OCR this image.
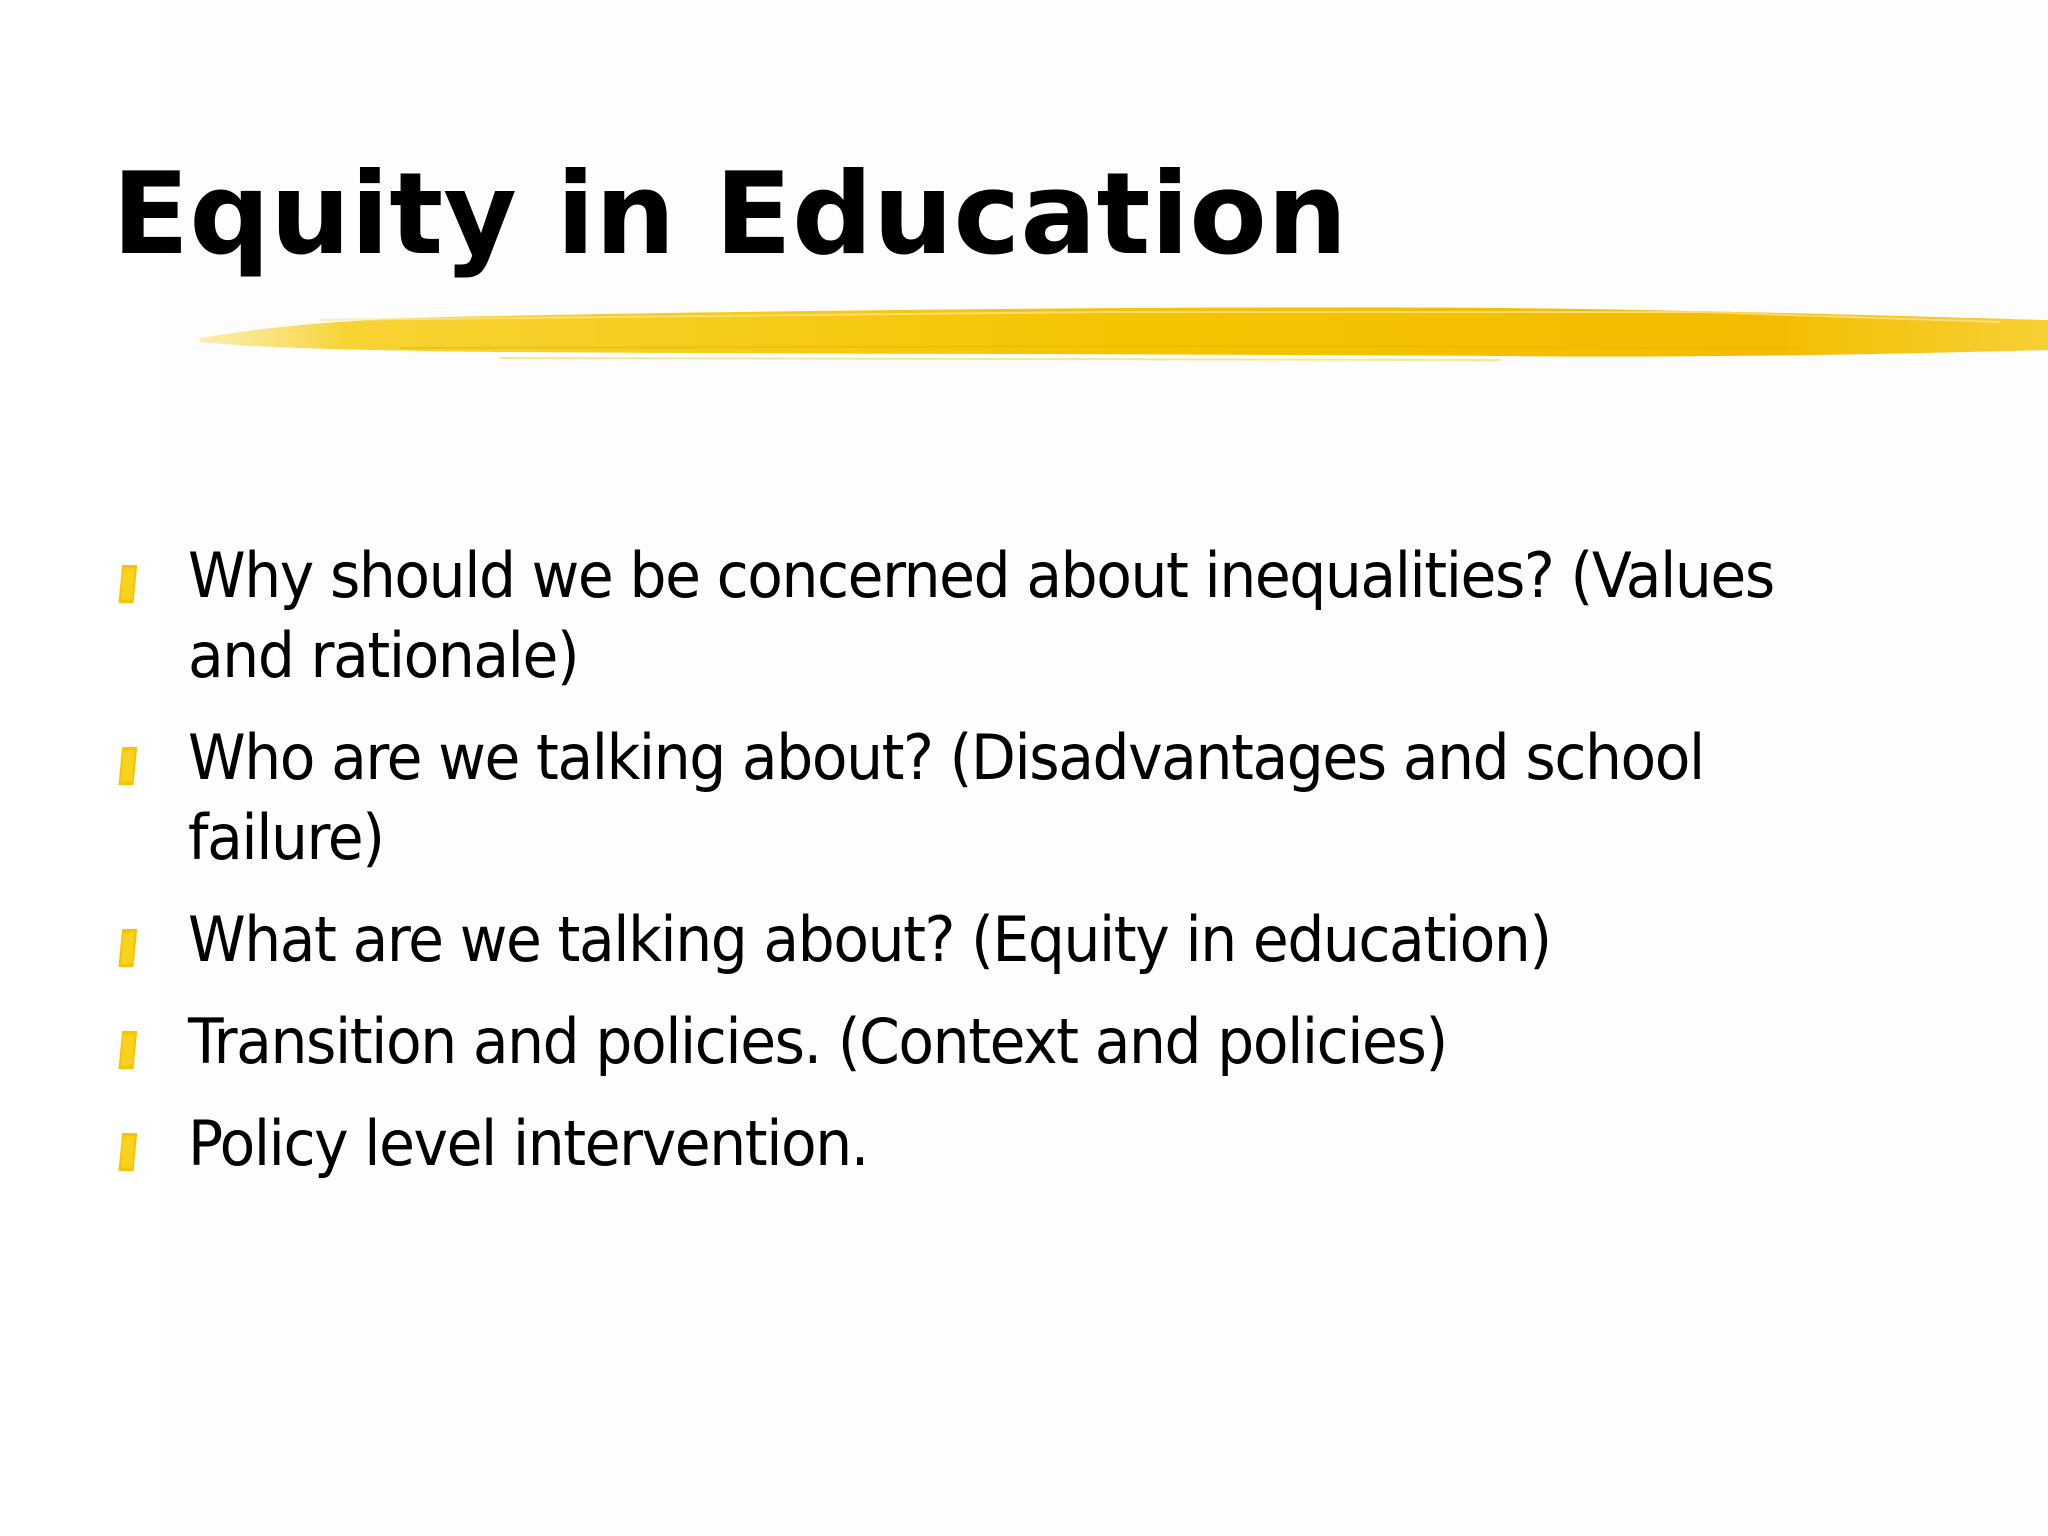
Equity in Education
Why should we be concerned about inequalities? (Values and rationale)
Who are we talking about? (Disadvantages and school failure)
What are we talking about? (Equity in education)
Transition and policies. (Context and policies)
Policy level intervention.
